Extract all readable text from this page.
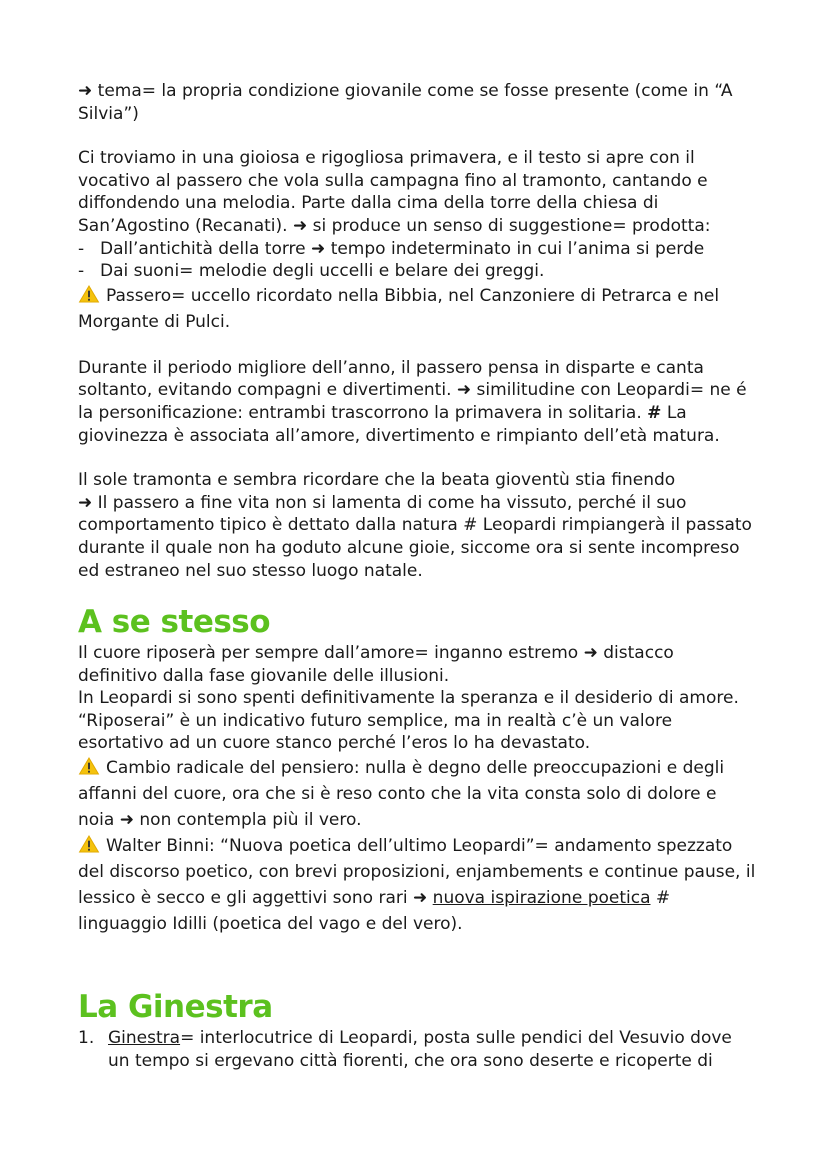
➜ tema= la propria condizione giovanile come se fosse presente (come in “A Silvia”)

Ci troviamo in una gioiosa e rigogliosa primavera, e il testo si apre con il vocativo al passero che vola sulla campagna fino al tramonto, cantando e diffondendo una melodia. Parte dalla cima della torre della chiesa di San’Agostino (Recanati). ➜ si produce un senso di suggestione= prodotta:

- Dall’antichità della torre ➜ tempo indeterminato in cui l’anima si perde
- Dai suoni= melodie degli uccelli e belare dei greggi.

Passero= uccello ricordato nella Bibbia, nel Canzoniere di Petrarca e nel Morgante di Pulci.

Durante il periodo migliore dell’anno, il passero pensa in disparte e canta soltanto, evitando compagni e divertimenti. ➜ similitudine con Leopardi= ne é la personificazione: entrambi trascorrono la primavera in solitaria. # La giovinezza è associata all’amore, divertimento e rimpianto dell’età matura.

Il sole tramonta e sembra ricordare che la beata gioventù stia finendo
➜ Il passero a fine vita non si lamenta di come ha vissuto, perché il suo comportamento tipico è dettato dalla natura # Leopardi rimpiangerà il passato durante il quale non ha goduto alcune gioie, siccome ora si sente incompreso ed estraneo nel suo stesso luogo natale.

A se stesso

Il cuore riposerà per sempre dall’amore= inganno estremo ➜ distacco definitivo dalla fase giovanile delle illusioni.

In Leopardi si sono spenti definitivamente la speranza e il desiderio di amore.

“Riposerai” è un indicativo futuro semplice, ma in realtà c’è un valore esortativo ad un cuore stanco perché l’eros lo ha devastato.

Cambio radicale del pensiero: nulla è degno delle preoccupazioni e degli affanni del cuore, ora che si è reso conto che la vita consta solo di dolore e noia ➜ non contempla più il vero.

Walter Binni: “Nuova poetica dell’ultimo Leopardi”= andamento spezzato del discorso poetico, con brevi proposizioni, enjambements e continue pause, il lessico è secco e gli aggettivi sono rari ➜ nuova ispirazione poetica # linguaggio Idilli (poetica del vago e del vero).

La Ginestra
1. Ginestra= interlocutrice di Leopardi, posta sulle pendici del Vesuvio dove un tempo si ergevano città fiorenti, che ora sono deserte e ricoperte di
